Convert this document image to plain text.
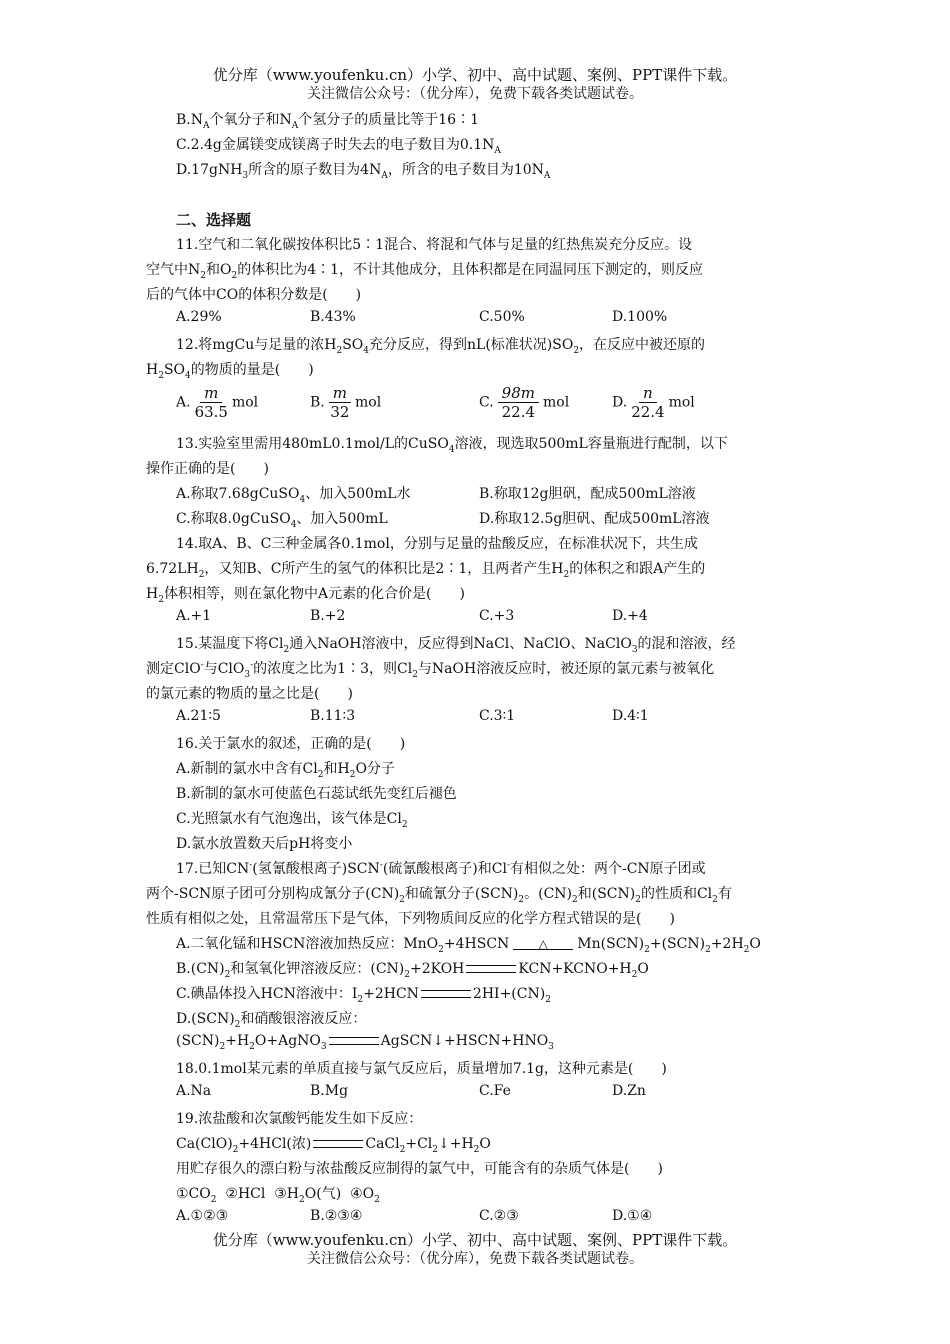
优分库（www.youfenku.cn）小学、初中、高中试题、案例、PPT课件下载。
关注微信公众号：（优分库），免费下载各类试题试卷。
$B.N_A$个氧分子和$N_A$个氢分子的质量比等于16∶1
C.2.4g金属镁变成镁离子时失去的电子数目为$0.1N_A$
D.17gNH$_3$所含的原子数目为$4N_A$，所含的电子数目为$10N_A$
二、选择题
11.空气和二氧化碳按体积比5∶1混合、将混和气体与足量的红热焦炭充分反应。设
空气中$N_2$和$O_2$的体积比为4∶1，不计其他成分，且体积都是在同温同压下测定的，则反应
后的气体中CO的体积分数是(　　)
A.29%	B.43%	C.50%	D.100%
12.将mgCu与足量的浓$H_2SO_4$充分反应，得到nL(标准状况)$SO_2$，在反应中被还原的
$H_2SO_4$的物质的量是(　　)
A. $\frac{m}{63.5}$ mol	B. $\frac{m}{32}$ mol	C. $\frac{98m}{22.4}$ mol	D. $\frac{n}{22.4}$ mol
13.实验室里需用480mL0.1mol/L的CuSO$_4$溶液，现选取500mL容量瓶进行配制，以下
操作正确的是(　　)
A.称取7.68gCuSO$_4$、加入500mL水	B.称取12g胆矾，配成500mL溶液
C.称取8.0gCuSO$_4$、加入500mL	D.称取12.5g胆矾、配成500mL溶液
14.取A、B、C三种金属各0.1mol，分别与足量的盐酸反应，在标准状况下，共生成
$6.72LH_2$，又知B、C所产生的氢气的体积比是2∶1，且两者产生$H_2$的体积之和跟A产生的
$H_2$体积相等，则在氯化物中A元素的化合价是(　　)
A.+1	B.+2	C.+3	D.+4
15.某温度下将$Cl_2$通入NaOH溶液中，反应得到NaCl、NaClO、NaClO$_3$的混和溶液，经
测定ClO-与ClO$_3$-的浓度之比为1∶3，则$Cl_2$与NaOH溶液反应时，被还原的氯元素与被氧化
的氯元素的物质的量之比是(　　)
A.21∶5	B.11∶3	C.3∶1	D.4∶1
16.关于氯水的叙述，正确的是(　　)
A.新制的氯水中含有$Cl_2$和$H_2O$分子
B.新制的氯水可使蓝色石蕊试纸先变红后褪色
C.光照氯水有气泡逸出，该气体是$Cl_2$
D.氯水放置数天后pH将变小
17.已知CN-(氢氰酸根离子)SCN-(硫氰酸根离子)和Cl-有相似之处：两个-CN原子团或
两个-SCN原子团可分别构成氰分子$(CN)_2$和硫氰分子$(SCN)_2$。$(CN)_2$和$(SCN)_2$的性质和$Cl_2$有
性质有相似之处，且常温常压下是气体，下列物质间反应的化学方程式错误的是(　　)
A.二氧化锰和HSCN溶液加热反应：MnO$_2$+4HSCN △ $Mn(SCN)_2+(SCN)_2+2H_2O$
$B.(CN)_2$和氢氧化钾溶液反应：$(CN)_2+2KOH$	$KCN+KCNO+H_2O$
C.碘晶体投入HCN溶液中：$I_2+2HCN$	$2HI+(CN)_2$
$D.(SCN)_2$和硝酸银溶液反应：
$(SCN)_2+H_2O+AgNO_3$	$AgSCN↓+HSCN+HNO_3$
18.0.1mol某元素的单质直接与氯气反应后，质量增加7.1g，这种元素是(　　)
A.Na	B.Mg	C.Fe	D.Zn
19.浓盐酸和次氯酸钙能发生如下反应：
$Ca(ClO)_2+4HCl$(浓)	$CaCl_2+Cl_2↓+H_2O$
用贮存很久的漂白粉与浓盐酸反应制得的氯气中，可能含有的杂质气体是(　　)
$①CO_2$ ②HCl $③H_2O$(气) $④O_2$
A.①②③	B.②③④	C.②③	D.①④
优分库（www.youfenku.cn）小学、初中、高中试题、案例、PPT课件下载。
关注微信公众号：（优分库），免费下载各类试题试卷。
